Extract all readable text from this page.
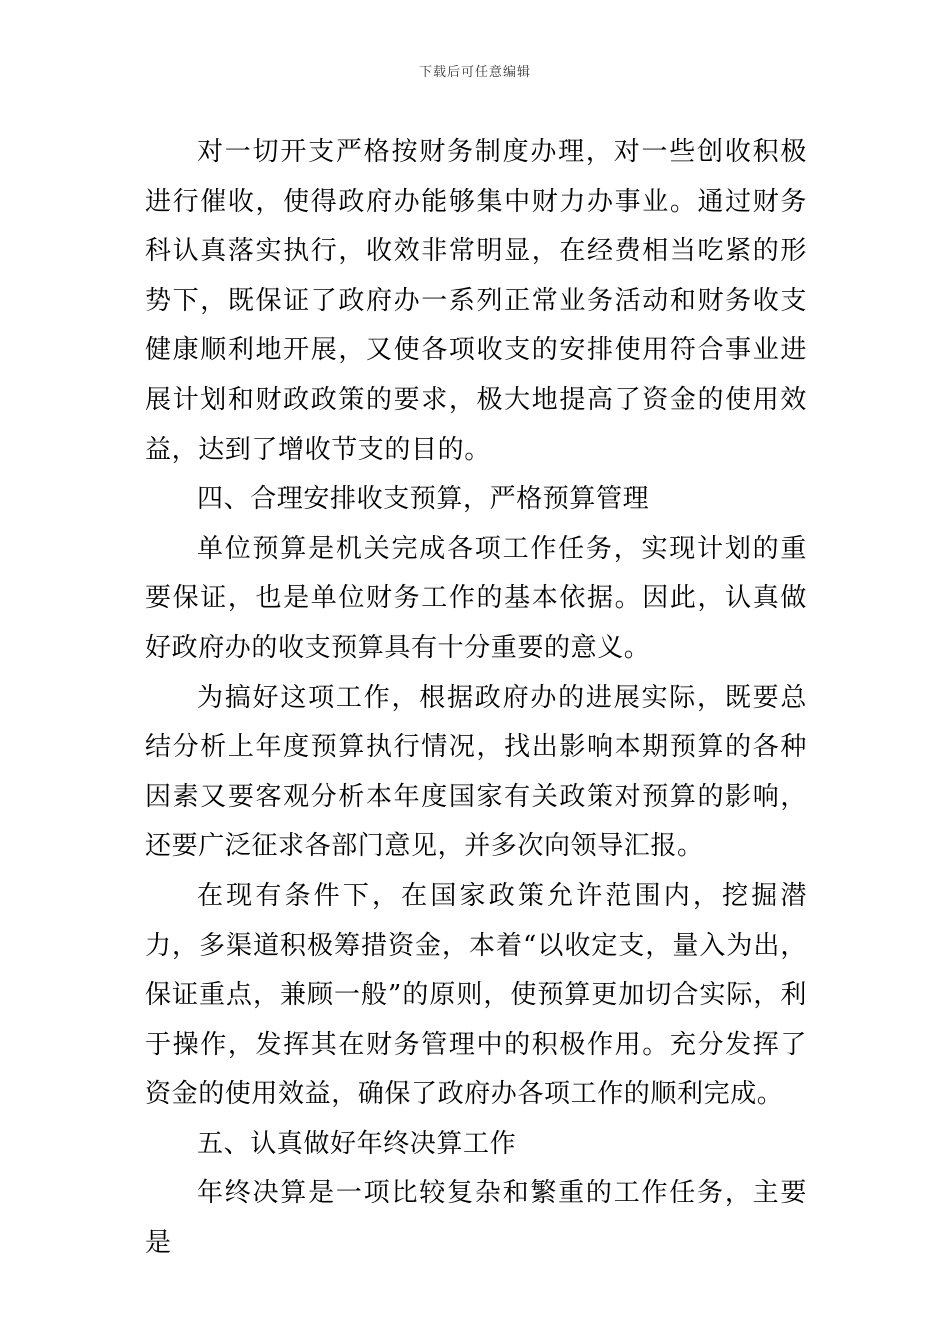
下载后可任意编辑

对一切开支严格按财务制度办理，对一些创收积极进行催收，使得政府办能够集中财力办事业。通过财务科认真落实执行，收效非常明显，在经费相当吃紧的形势下，既保证了政府办一系列正常业务活动和财务收支健康顺利地开展，又使各项收支的安排使用符合事业进展计划和财政政策的要求，极大地提高了资金的使用效益，达到了增收节支的目的。

四、合理安排收支预算，严格预算管理

单位预算是机关完成各项工作任务，实现计划的重要保证，也是单位财务工作的基本依据。因此，认真做好政府办的收支预算具有十分重要的意义。

为搞好这项工作，根据政府办的进展实际，既要总结分析上年度预算执行情况，找出影响本期预算的各种因素又要客观分析本年度国家有关政策对预算的影响，还要广泛征求各部门意见，并多次向领导汇报。

在现有条件下，在国家政策允许范围内，挖掘潜力，多渠道积极筹措资金，本着“以收定支，量入为出，保证重点，兼顾一般”的原则，使预算更加切合实际，利于操作，发挥其在财务管理中的积极作用。充分发挥了资金的使用效益，确保了政府办各项工作的顺利完成。

五、认真做好年终决算工作

年终决算是一项比较复杂和繁重的工作任务，主要是
